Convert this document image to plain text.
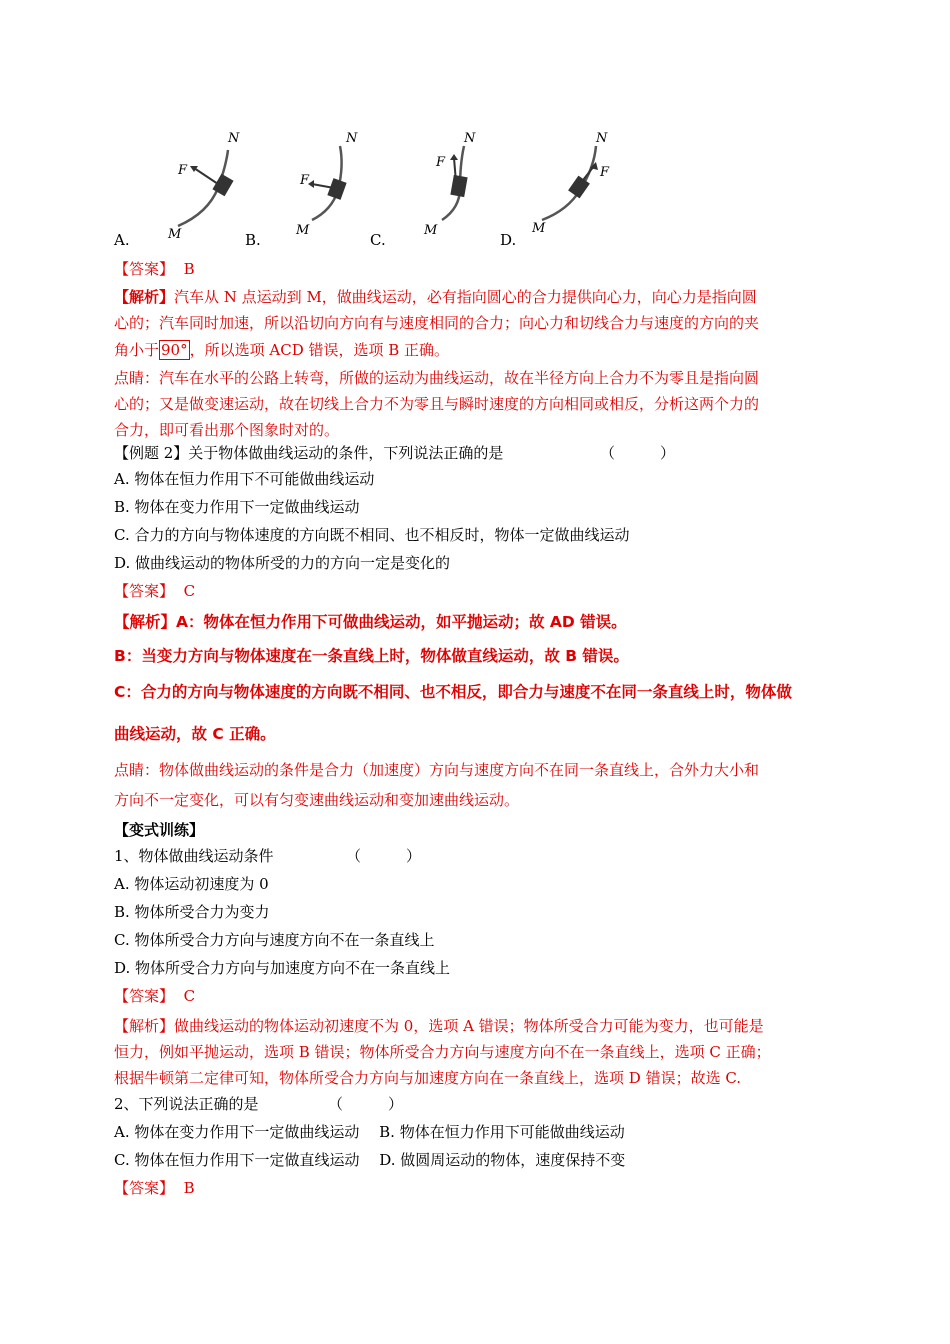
N
M
F
N
M
F
N
M
F
N
M
F
A.	B.	C.	D.
【答案】 B
【解析】汽车从 N 点运动到 M，做曲线运动，必有指向圆心的合力提供向心力，向心力是指向圆
心的；汽车同时加速，所以沿切向方向有与速度相同的合力；向心力和切线合力与速度的方向的夹
角小于 90° ，所以选项 ACD 错误，选项 B 正确。
点睛：汽车在水平的公路上转弯，所做的运动为曲线运动，故在半径方向上合力不为零且是指向圆
心的；又是做变速运动，故在切线上合力不为零且与瞬时速度的方向相同或相反，分析这两个力的
合力，即可看出那个图象时对的。
【例题 2】关于物体做曲线运动的条件，下列说法正确的是	（　　　）
A. 物体在恒力作用下不可能做曲线运动
B. 物体在变力作用下一定做曲线运动
C. 合力的方向与物体速度的方向既不相同、也不相反时，物体一定做曲线运动
D. 做曲线运动的物体所受的力的方向一定是变化的
【答案】 C
【解析】A：物体在恒力作用下可做曲线运动，如平抛运动；故 AD 错误。
B：当变力方向与物体速度在一条直线上时，物体做直线运动，故 B 错误。
C：合力的方向与物体速度的方向既不相同、也不相反，即合力与速度不在同一条直线上时，物体做
曲线运动，故 C 正确。
点睛：物体做曲线运动的条件是合力（加速度）方向与速度方向不在同一条直线上，合外力大小和
方向不一定变化，可以有匀变速曲线运动和变加速曲线运动。
【变式训练】
1、物体做曲线运动条件	（　　　）
A. 物体运动初速度为 0
B. 物体所受合力为变力
C. 物体所受合力方向与速度方向不在一条直线上
D. 物体所受合力方向与加速度方向不在一条直线上
【答案】 C
【解析】做曲线运动的物体运动初速度不为 0，选项 A 错误；物体所受合力可能为变力，也可能是
恒力，例如平抛运动，选项 B 错误；物体所受合力方向与速度方向不在一条直线上，选项 C 正确；
根据牛顿第二定律可知，物体所受合力方向与加速度方向在一条直线上，选项 D 错误；故选 C.
2、下列说法正确的是	（　　　）
A. 物体在变力作用下一定做曲线运动　 B. 物体在恒力作用下可能做曲线运动
C. 物体在恒力作用下一定做直线运动　 D. 做圆周运动的物体，速度保持不变
【答案】 B
